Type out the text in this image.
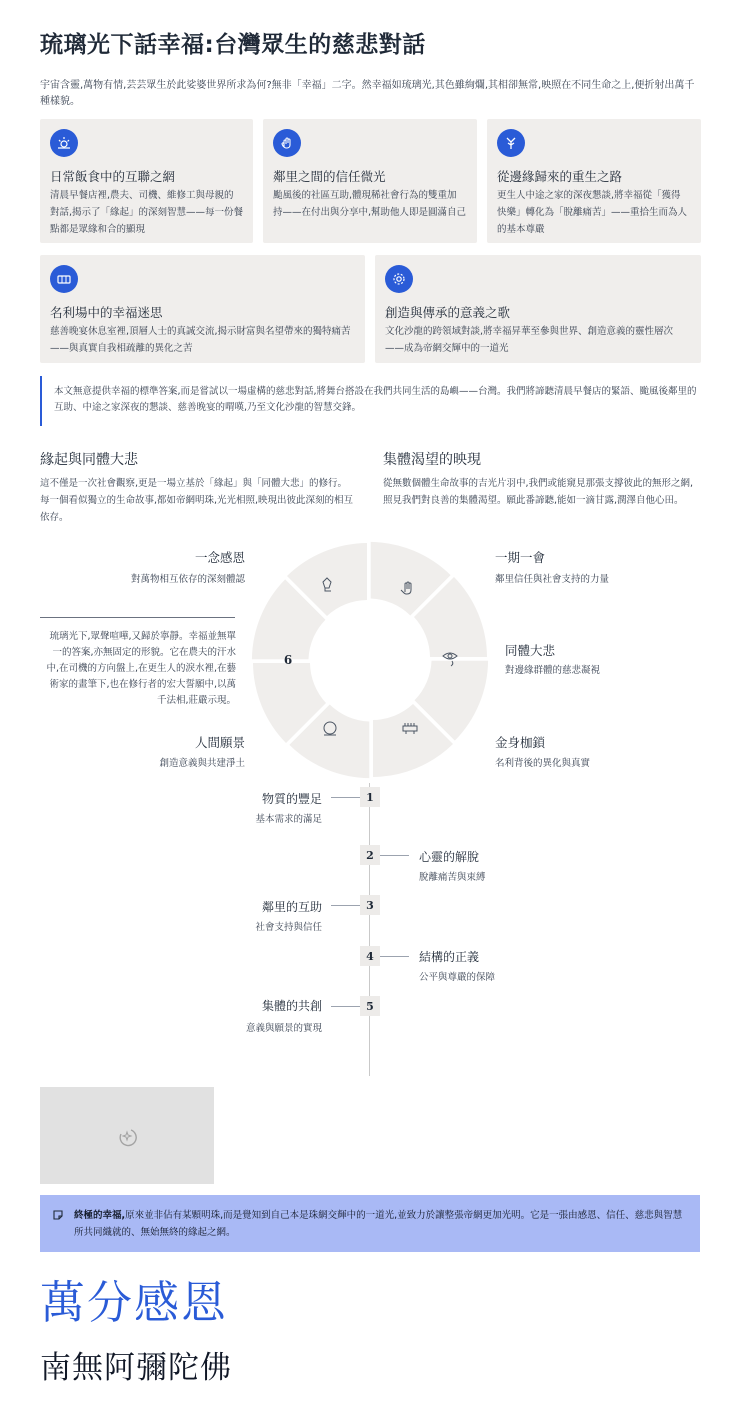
琉璃光下話幸福:台灣眾生的慈悲對話
宇宙含靈,萬物有情,芸芸眾生於此娑婆世界所求為何?無非「幸福」二字。然幸福如琉璃光,其色雖絢爛,其相卻無常,映照在不同生命之上,便折射出萬千種樣貌。
日常飯食中的互聯之網
清晨早餐店裡,農夫、司機、維修工與母親的
對話,揭示了「緣起」的深刻智慧——每一份餐
點都是眾緣和合的顯現
鄰里之間的信任微光
颱風後的社區互助,體現稀社會行為的雙重加
持——在付出與分享中,幫助他人即是圓滿自己
從邊緣歸來的重生之路
更生人中途之家的深夜懇談,將幸福從「獲得
快樂」轉化為「脫離痛苦」——重拾生而為人
的基本尊嚴
名利場中的幸福迷思
慈善晚宴休息室裡,頂層人士的真誠交流,揭示財富與名望帶來的獨特痛苦
——與真實自我相疏離的異化之苦
創造與傳承的意義之歌
文化沙龍的跨領域對談,將幸福昇華至參與世界、創造意義的靈性層次
——成為帝網交輝中的一道光
本文無意提供幸福的標準答案,而是嘗試以一場虛構的慈悲對話,將舞台搭設在我們共同生活的島嶼——台灣。我們將諦聽清晨早餐店的緊語、颱風後鄰里的互助、中途之家深夜的懇談、慈善晚宴的喟嘆,乃至文化沙龍的智慧交鋒。
緣起與同體大悲
這不僅是一次社會觀察,更是一場立基於「緣起」與「同體大悲」的修行。
每一個看似獨立的生命故事,都如帝網明珠,光光相照,映現出彼此深刻的相互
依存。
集體渴望的映現
從無數個體生命故事的吉光片羽中,我們或能窺見那張支撐彼此的無形之網,
照見我們對良善的集體渴望。願此番諦聽,能如一滴甘露,潤澤自他心田。
6
一念感恩
對萬物相互依存的深刻體認
一期一會
鄰里信任與社會支持的力量
同體大悲
對邊緣群體的慈悲凝視
金身枷鎖
名利背後的異化與真實
人間願景
創造意義與共建淨土
琉璃光下,眾聲喧嘩,又歸於寧靜。幸福並無單
一的答案,亦無固定的形貌。它在農夫的汗水
中,在司機的方向盤上,在更生人的淚水裡,在藝
術家的畫筆下,也在修行者的宏大誓願中,以萬
千法相,莊嚴示現。
物質的豐足
基本需求的滿足
1
2	心靈的解脫
脫離痛苦與束縛
鄰里的互助
社會支持與信任
3
4	結構的正義
公平與尊嚴的保障
集體的共創
意義與願景的實現
5
終極的幸福,原來並非佔有某顆明珠,而是覺知到自己本是珠網交輝中的一道光,並致力於讓整張帝網更加光明。它是一張由感恩、信任、慈悲與智慧
所共同織就的、無始無終的緣起之網。
萬分感恩
南無阿彌陀佛
